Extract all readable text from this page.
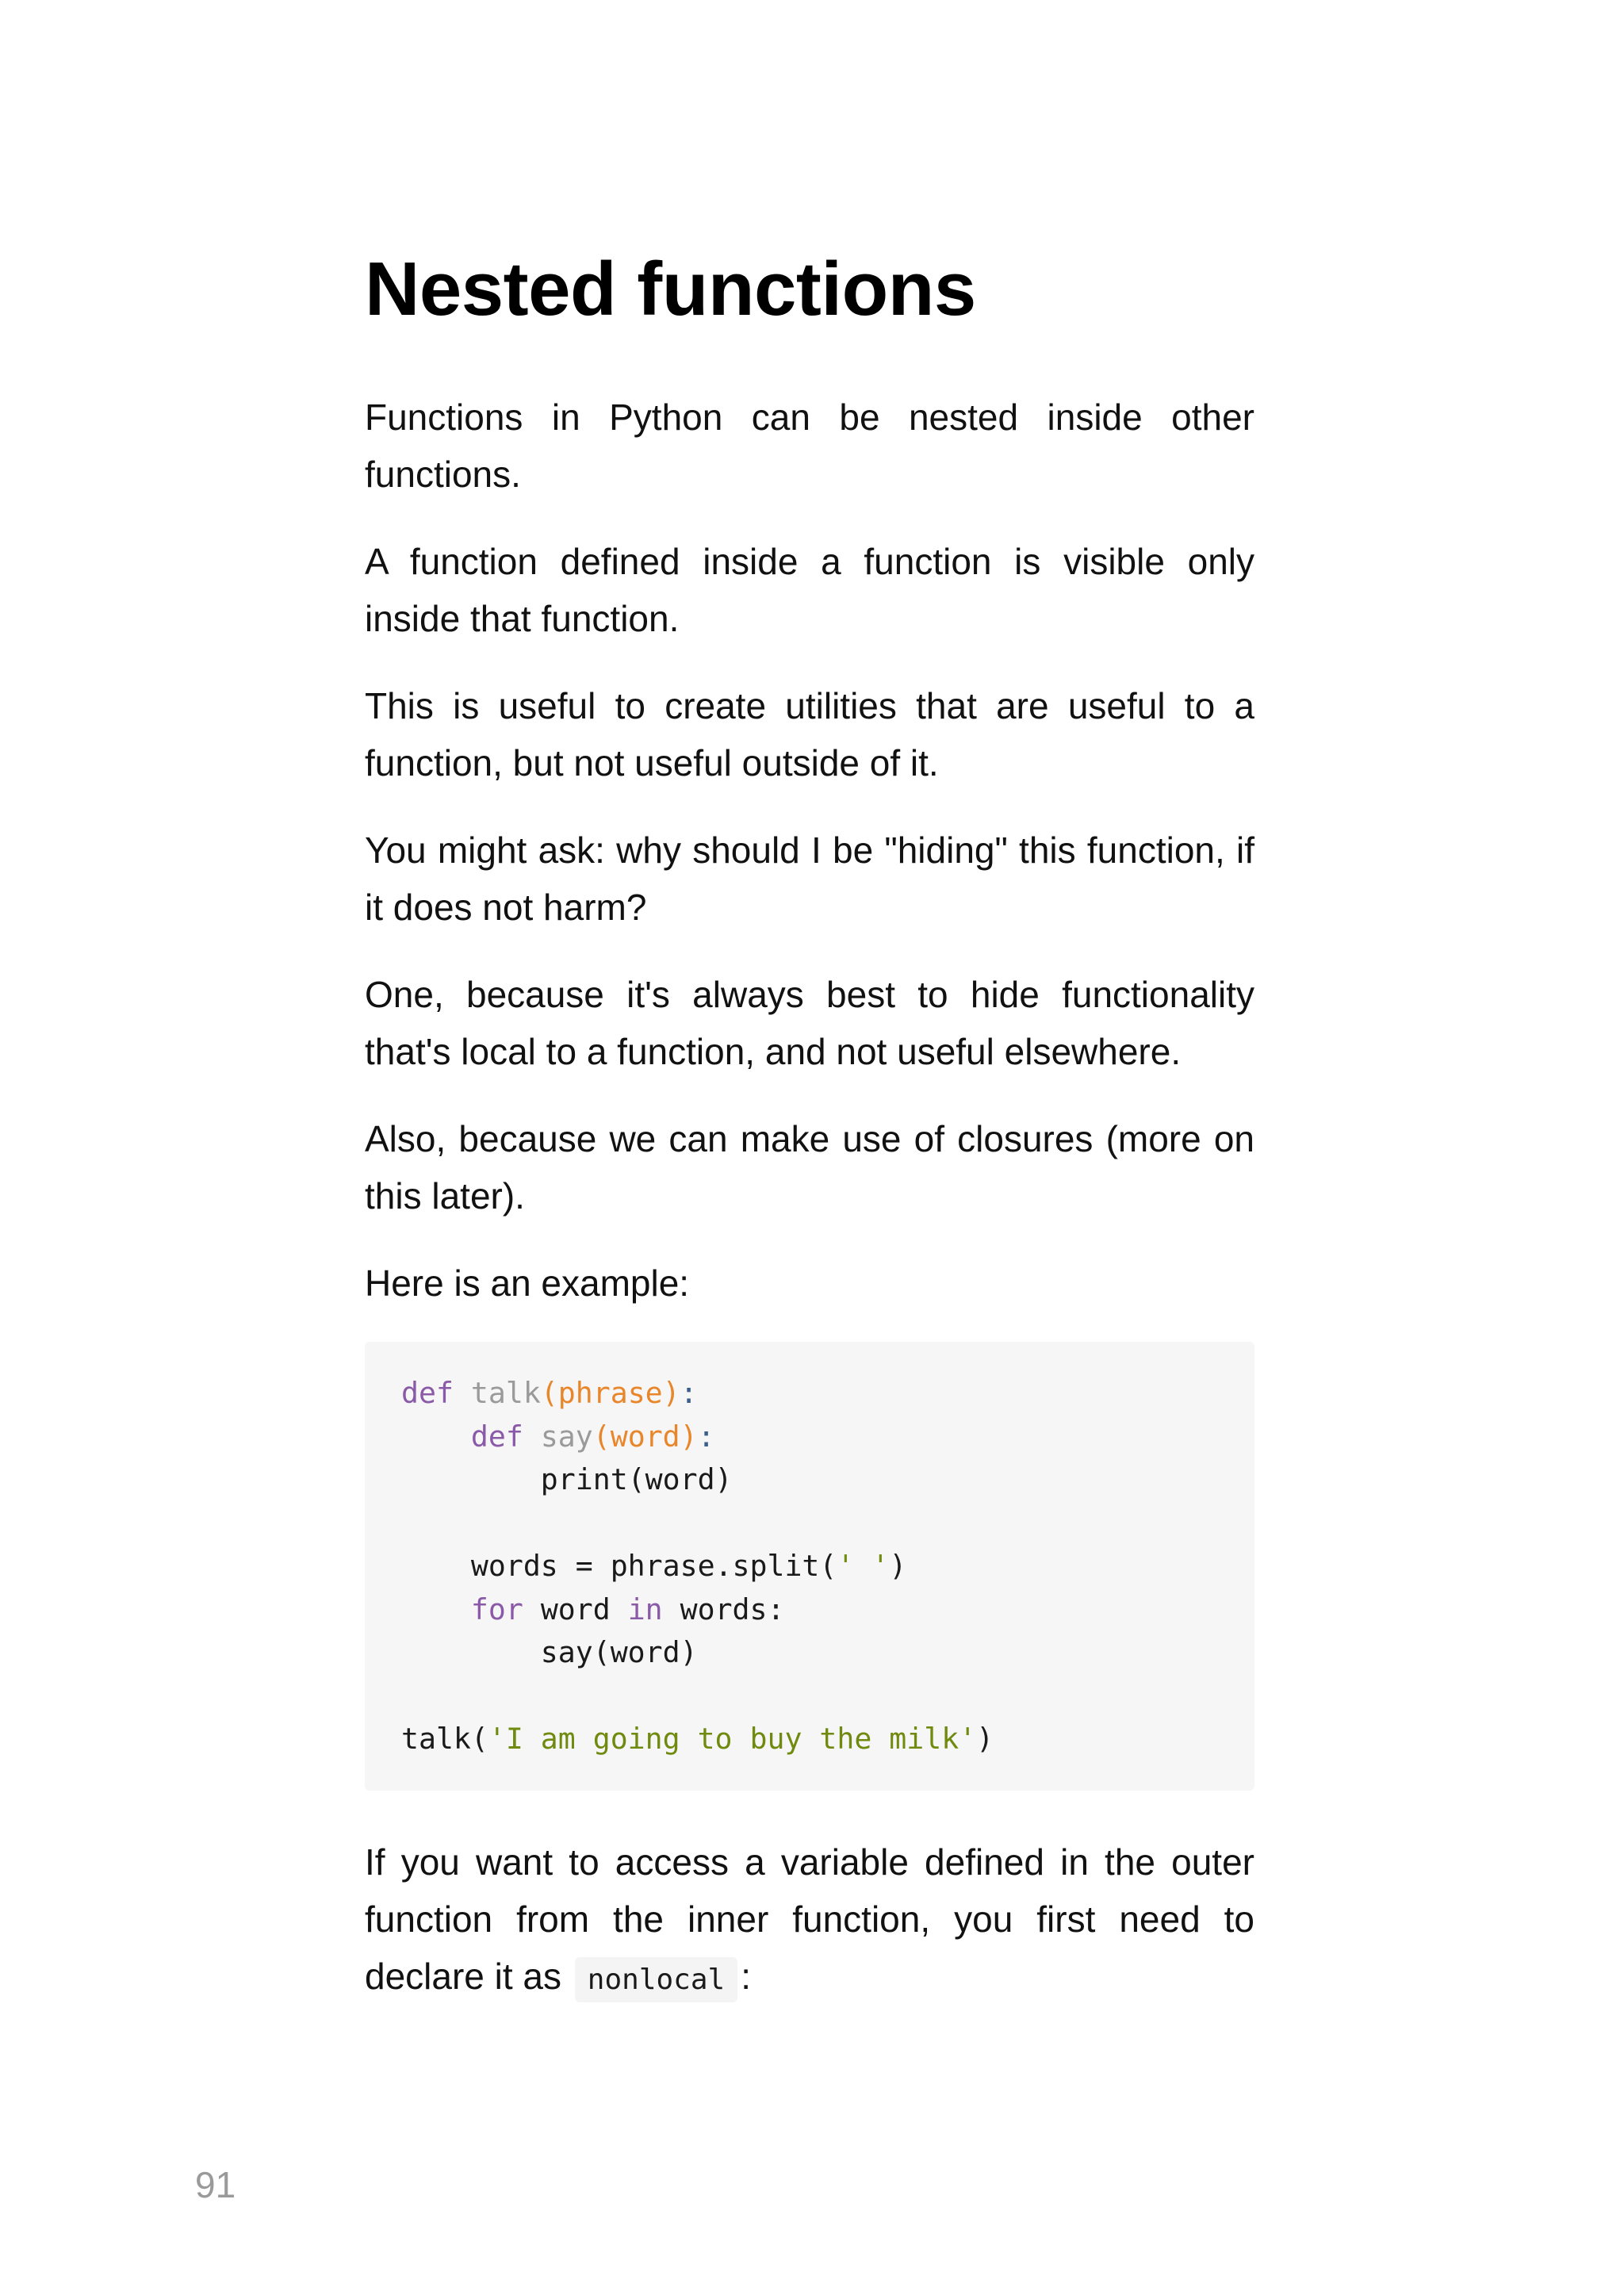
Nested functions

Functions in Python can be nested inside other functions.

A function defined inside a function is visible only inside that function.

This is useful to create utilities that are useful to a function, but not useful outside of it.

You might ask: why should I be "hiding" this function, if it does not harm?

One, because it's always best to hide functionality that's local to a function, and not useful elsewhere.

Also, because we can make use of closures (more on this later).

Here is an example:

def talk(phrase):
def say(word):
print(word)
words = phrase.split(' ')
for word in words:
say(word)
talk('I am going to buy the milk')

If you want to access a variable defined in the outer function from the inner function, you first need to declare it as nonlocal :

91
